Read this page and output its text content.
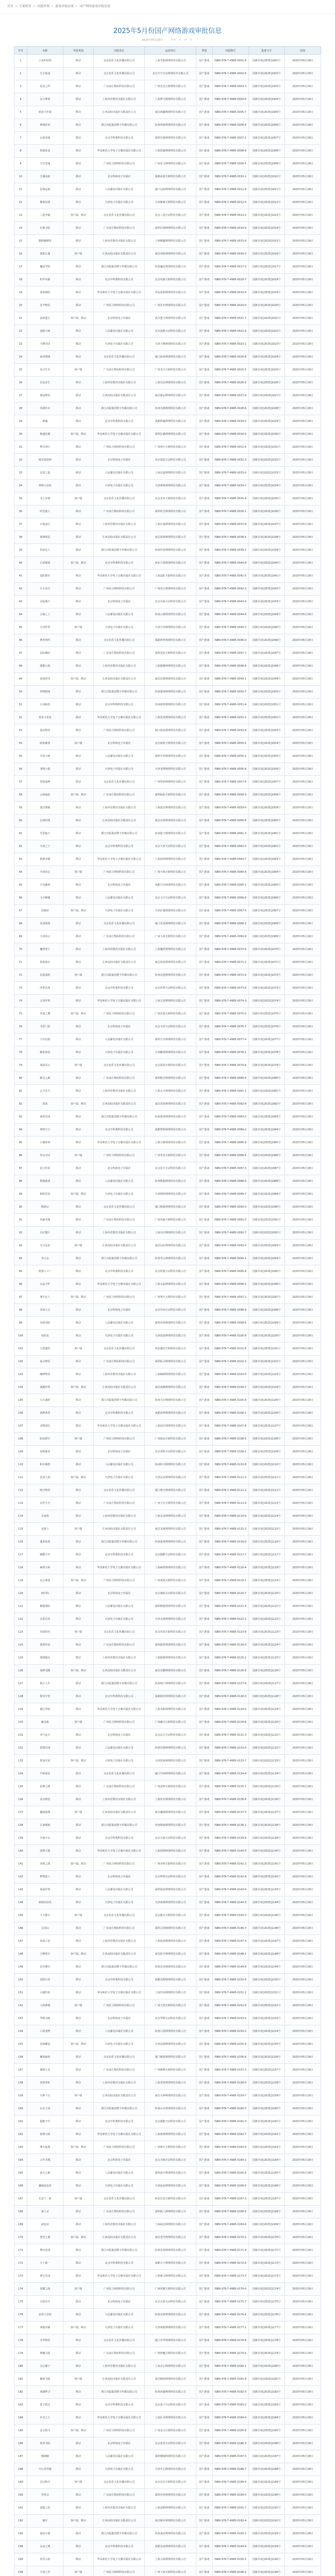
首页 > 主要职责 > 出版管理 > 游戏审批结果 > 国产网络游戏审批信息
2025年5月份国产网络游戏审批信息
2025年05月29日	字号 大 中 小
序号	名称	申报类别	出版单位	运营单位	类别	出版物号	批准文号	时间
1	王者的征程	移动	北京伯乐文化传播有限公司	上海雪狐网络科技有限公司	国产游戏	ISBN 978-7-4985-0001-9	国新出审[2025]1001号	2025年05月29日
2	凡尘仙途	移动	北京伯乐文化传播有限公司	北京天空互动网络技术有限公司	国产游戏	ISBN 978-7-4985-0002-6	国新出审[2025]1002号	2025年05月29日
3	星辰之约	移动	广东南方数码科技有限公司	广州星光互娱网络有限公司	国产游戏	ISBN 978-7-4985-0003-3	国新出审[2025]1003号	2025年05月29日
4	东方梦境	移动	上海外语教育出版社有限公司	上海梦月网络科技有限公司	国产游戏	ISBN 978-7-4985-0004-0	国新出审[2025]1004号	2025年05月29日
5	萌宠大作战	移动	江西高校出版社有限责任公司	南昌萌趣网络科技有限公司	国产游戏	ISBN 978-7-4985-0005-7	国新出审[2025]1005号	2025年05月29日
6	神域传说	移动	浙江出版集团数字传媒有限公司	杭州神游网络科技有限公司	国产游戏	ISBN 978-7-4985-0006-4	国新出审[2025]1006号	2025年05月29日
7	山海奇缘	移动	北京中科奥科技有限公司	深圳奇游网络科技有限公司	国产游戏	ISBN 978-7-4985-0007-1	国新出审[2025]1007号	2025年05月29日
8	铁骑征途	移动	华东师范大学电子音像出版社有限公司	上海铁骑网络科技有限公司	国产游戏	ISBN 978-7-4985-0008-8	国新出审[2025]1008号	2025年05月29日
9	天空竞速	移动	广州原力网络科技有限公司	广州原力网络科技有限公司	国产游戏	ISBN 978-7-4985-0009-5	国新出审[2025]1009号	2025年05月29日
10	江湖夜雨	移动	北京科海电子出版社	成都夜雨互娱科技有限公司	国产游戏	ISBN 978-7-4985-0010-1	国新出审[2025]1010号	2025年05月29日
11	星海远航	移动	人民邮电出版社有限公司	厦门远航网络科技有限公司	国产游戏	ISBN 978-7-4985-0011-8	国新出审[2025]1011号	2025年05月29日
12	像素农场	移动	天津电子出版社有限公司	天津像素互娱科技有限公司	国产游戏	ISBN 978-7-4985-0012-5	国新出审[2025]1012号	2025年05月29日
13	三国争霸	客户端、移动	北京伯乐文化传播有限公司	北京三国互动科技有限公司	国产游戏	ISBN 978-7-4985-0013-2	国新出审[2025]1013号	2025年05月29日
14	幻境寻踪	移动	广东南方数码科技有限公司	深圳幻境网络科技有限公司	国产游戏	ISBN 978-7-4985-0014-9	国新出审[2025]1014号	2025年05月29日
15	猫咪咖啡馆	移动	上海外语教育出版社有限公司	上海喵趣网络科技有限公司	国产游戏	ISBN 978-7-4985-0015-6	国新出审[2025]1015号	2025年05月29日
16	剑影江湖	客户端	江西高校出版社有限责任公司	南昌剑影网络科技有限公司	国产游戏	ISBN 978-7-4985-0016-3	国新出审[2025]1016号	2025年05月29日
17	魔法学院	移动	浙江出版集团数字传媒有限公司	杭州魔法网络科技有限公司	国产游戏	ISBN 978-7-4985-0017-0	国新出审[2025]1017号	2025年05月29日
18	机甲风暴	移动	北京中科奥科技有限公司	北京风暴互娱科技有限公司	国产游戏	ISBN 978-7-4985-0018-7	国新出审[2025]1018号	2025年05月29日
19	深海探险	移动	华东师范大学电子音像出版社有限公司	青岛深海网络科技有限公司	国产游戏	ISBN 978-7-4985-0019-4	国新出审[2025]1019号	2025年05月29日
20	花开物语	移动	广州原力网络科技有限公司	广州花开网络科技有限公司	国产游戏	ISBN 978-7-4985-0020-0	国新出审[2025]1020号	2025年05月29日
21	武林盟主	客户端、移动	北京科海电子出版社	武汉盟主网络科技有限公司	国产游戏	ISBN 978-7-4985-0021-7	国新出审[2025]1021号	2025年05月29日
22	消除大师	移动	人民邮电出版社有限公司	北京消除互动科技有限公司	国产游戏	ISBN 978-7-4985-0022-4	国新出审[2025]1022号	2025年05月29日
23	卡牌对决	移动	天津电子出版社有限公司	天津卡牌网络科技有限公司	国产游戏	ISBN 978-7-4985-0023-1	国新出审[2025]1023号	2025年05月29日
24	仙侠情缘	移动	北京伯乐文化传播有限公司	厦门仙侠网络科技有限公司	国产游戏	ISBN 978-7-4985-0024-8	国新出审[2025]1024号	2025年05月29日
25	末日生存	客户端	广东南方数码科技有限公司	广州末日互娱科技有限公司	国产游戏	ISBN 978-7-4985-0025-5	国新出审[2025]1025号	2025年05月29日
26	荒岛求生	移动	上海外语教育出版社有限公司	上海荒岛网络科技有限公司	国产游戏	ISBN 978-7-4985-0026-2	国新出审[2025]1026号	2025年05月29日
27	甜品物语	移动	江西高校出版社有限责任公司	南昌甜品网络科技有限公司	国产游戏	ISBN 978-7-4985-0027-9	国新出审[2025]1027号	2025年05月29日
28	英雄传奇	移动	浙江出版集团数字传媒有限公司	杭州英雄网络科技有限公司	国产游戏	ISBN 978-7-4985-0028-6	国新出审[2025]1028号	2025年05月29日
29	棋魂	移动	北京中科奥科技有限公司	成都棋魂网络科技有限公司	国产游戏	ISBN 978-7-4985-0029-3	国新出审[2025]1029号	2025年05月29日
30	极速狂飙	客户端、移动	华东师范大学电子音像出版社有限公司	深圳狂飙网络科技有限公司	国产游戏	ISBN 978-7-4985-0030-9	国新出审[2025]1030号	2025年05月29日
31	梦幻西行	移动	广州原力网络科技有限公司	广州西行互娱科技有限公司	国产游戏	ISBN 978-7-4985-0031-6	国新出审[2025]1031号	2025年05月29日
32	城市建造师	移动	北京科海电子出版社	北京建造互动科技有限公司	国产游戏	ISBN 978-7-4985-0032-3	国新出审[2025]1032号	2025年05月29日
33	忍者之道	移动	人民邮电出版社有限公司	上海忍道网络科技有限公司	国产游戏	ISBN 978-7-4985-0033-0	国新出审[2025]1033号	2025年05月29日
34	弹珠大冒险	移动	天津电子出版社有限公司	天津弹珠网络科技有限公司	国产游戏	ISBN 978-7-4985-0034-7	国新出审[2025]1034号	2025年05月29日
35	龙之谷地	客户端	北京伯乐文化传播有限公司	北京龙谷互娱科技有限公司	国产游戏	ISBN 978-7-4985-0035-4	国新出审[2025]1035号	2025年05月29日
36	时光旅人	移动	广东南方数码科技有限公司	深圳时光网络科技有限公司	国产游戏	ISBN 978-7-4985-0036-1	国新出审[2025]1036号	2025年05月29日
37	百鬼夜行	移动	上海外语教育出版社有限公司	上海百鬼网络科技有限公司	国产游戏	ISBN 978-7-4985-0037-8	国新出审[2025]1037号	2025年05月29日
38	篮球明星	移动	江西高校出版社有限责任公司	南昌篮球网络科技有限公司	国产游戏	ISBN 978-7-4985-0038-5	国新出审[2025]1038号	2025年05月29日
39	钓鱼达人	移动	浙江出版集团数字传媒有限公司	杭州钓鱼网络科技有限公司	国产游戏	ISBN 978-7-4985-0039-2	国新出审[2025]1039号	2025年05月29日
40	古墓秘闻	客户端、移动	北京中科奥科技有限公司	西安古墓网络科技有限公司	国产游戏	ISBN 978-7-4985-0040-8	国新出审[2025]1040号	2025年05月29日
41	霓虹都市	移动	华东师范大学电子音像出版社有限公司	上海霓虹互娱科技有限公司	国产游戏	ISBN 978-7-4985-0041-5	国新出审[2025]1041号	2025年05月29日
42	小小农庄	移动	广州原力网络科技有限公司	广州农庄网络科技有限公司	国产游戏	ISBN 978-7-4985-0042-2	国新出审[2025]1042号	2025年05月29日
43	兵临城下	移动	北京科海电子出版社	北京兵临互动科技有限公司	国产游戏	ISBN 978-7-4985-0043-9	国新出审[2025]1043号	2025年05月29日
44	云端之上	移动	人民邮电出版社有限公司	杭州云端网络科技有限公司	国产游戏	ISBN 978-7-4985-0044-6	国新出审[2025]1044号	2025年05月29日
45	方块世界	客户端	天津电子出版社有限公司	天津方块网络科技有限公司	国产游戏	ISBN 978-7-4985-0045-3	国新出审[2025]1045号	2025年05月29日
46	神兽契约	移动	北京伯乐文化传播有限公司	成都神兽网络科技有限公司	国产游戏	ISBN 978-7-4985-0046-0	国新出审[2025]1046号	2025年05月29日
47	星际舰队	移动	广东南方数码科技有限公司	深圳星际互娱科技有限公司	国产游戏	ISBN 978-7-4985-0047-7	国新出审[2025]1047号	2025年05月29日
48	甜蜜公寓	移动	上海外语教育出版社有限公司	上海甜蜜网络科技有限公司	国产游戏	ISBN 978-7-4985-0048-4	国新出审[2025]1048号	2025年05月29日
49	逆战苍穹	客户端、移动	江西高校出版社有限责任公司	南昌逆战网络科技有限公司	国产游戏	ISBN 978-7-4985-0049-1	国新出审[2025]1049号	2025年05月29日
50	怪物猎场	移动	浙江出版集团数字传媒有限公司	杭州猎场网络科技有限公司	国产游戏	ISBN 978-7-4985-0050-7	国新出审[2025]1050号	2025年05月29日
51	古风画卷	移动	北京中科奥科技有限公司	苏州画卷网络科技有限公司	国产游戏	ISBN 978-7-4985-0051-4	国新出审[2025]1051号	2025年05月29日
52	勇者斗恶龙	移动	华东师范大学电子音像出版社有限公司	上海勇者网络科技有限公司	国产游戏	ISBN 978-7-4985-0052-1	国新出审[2025]1052号	2025年05月29日
53	海岛物语	移动	广州原力网络科技有限公司	海口海岛网络科技有限公司	国产游戏	ISBN 978-7-4985-0053-8	国新出审[2025]1053号	2025年05月29日
54	暗影刺客	客户端	北京科海电子出版社	北京暗影互娱科技有限公司	国产游戏	ISBN 978-7-4985-0054-5	国新出审[2025]1054号	2025年05月29日
55	节奏大师	移动	人民邮电出版社有限公司	深圳节奏网络科技有限公司	国产游戏	ISBN 978-7-4985-0055-2	国新出审[2025]1055号	2025年05月29日
56	宠物小镇	移动	天津电子出版社有限公司	天津宠物网络科技有限公司	国产游戏	ISBN 978-7-4985-0056-9	国新出审[2025]1056号	2025年05月29日
57	烈焰战神	移动	北京伯乐文化传播有限公司	广州烈焰网络科技有限公司	国产游戏	ISBN 978-7-4985-0057-6	国新出审[2025]1057号	2025年05月29日
58	云海仙踪	客户端、移动	广东南方数码科技有限公司	深圳仙踪互娱科技有限公司	国产游戏	ISBN 978-7-4985-0058-3	国新出审[2025]1058号	2025年05月29日
59	迷宫探秘	移动	上海外语教育出版社有限公司	上海迷宫网络科技有限公司	国产游戏	ISBN 978-7-4985-0059-0	国新出审[2025]1059号	2025年05月29日
60	足球经理	移动	江西高校出版社有限责任公司	南昌足球网络科技有限公司	国产游戏	ISBN 978-7-4985-0060-6	国新出审[2025]1060号	2025年05月29日
61	雪原狼王	移动	浙江出版集团数字传媒有限公司	杭州狼王网络科技有限公司	国产游戏	ISBN 978-7-4985-0061-3	国新出审[2025]1061号	2025年05月29日
62	天命之子	移动	北京中科奥科技有限公司	北京天命互动科技有限公司	国产游戏	ISBN 978-7-4985-0062-0	国新出审[2025]1062号	2025年05月29日
63	厨神争霸	移动	华东师范大学电子音像出版社有限公司	上海厨神网络科技有限公司	国产游戏	ISBN 978-7-4985-0063-7	国新出审[2025]1063号	2025年05月29日
64	火线突击	客户端	广州原力网络科技有限公司	广州火线互娱科技有限公司	国产游戏	ISBN 978-7-4985-0064-4	国新出审[2025]1064号	2025年05月29日
65	月光森林	移动	北京科海电子出版社	成都月光网络科技有限公司	国产游戏	ISBN 978-7-4985-0065-1	国新出审[2025]1065号	2025年05月29日
66	文字解谜	移动	人民邮电出版社有限公司	北京文字互动科技有限公司	国产游戏	ISBN 978-7-4985-0066-8	国新出审[2025]1066号	2025年05月29日
67	征服者	客户端、移动	天津电子出版社有限公司	天津征服网络科技有限公司	国产游戏	ISBN 978-7-4985-0067-5	国新出审[2025]1067号	2025年05月29日
68	花园侦探	移动	北京伯乐文化传播有限公司	厦门花园网络科技有限公司	国产游戏	ISBN 978-7-4985-0068-2	国新出审[2025]1068号	2025年05月29日
69	九州风云	移动	广东南方数码科技有限公司	广州九州互娱科技有限公司	国产游戏	ISBN 978-7-4985-0069-9	国新出审[2025]1069号	2025年05月29日
70	魔塔勇士	移动	上海外语教育出版社有限公司	上海魔塔网络科技有限公司	国产游戏	ISBN 978-7-4985-0070-5	国新出审[2025]1070号	2025年05月29日
71	海盗船长	移动	江西高校出版社有限责任公司	南昌海盗网络科技有限公司	国产游戏	ISBN 978-7-4985-0071-2	国新出审[2025]1071号	2025年05月29日
72	雷霆战机	客户端	浙江出版集团数字传媒有限公司	杭州雷霆网络科技有限公司	国产游戏	ISBN 978-7-4985-0072-9	国新出审[2025]1072号	2025年05月29日
73	四季农场	移动	北京中科奥科技有限公司	北京四季互动科技有限公司	国产游戏	ISBN 978-7-4985-0073-6	国新出审[2025]1073号	2025年05月29日
74	灵宠世界	移动	华东师范大学电子音像出版社有限公司	上海灵宠网络科技有限公司	国产游戏	ISBN 978-7-4985-0074-3	国新出审[2025]1074号	2025年05月29日
75	沙漠之鹰	客户端、移动	广州原力网络科技有限公司	广州沙漠互娱科技有限公司	国产游戏	ISBN 978-7-4985-0075-0	国新出审[2025]1075号	2025年05月29日
76	书香门第	移动	北京科海电子出版社	北京书香互动科技有限公司	国产游戏	ISBN 978-7-4985-0076-7	国新出审[2025]1076号	2025年05月29日
77	方舟启航	移动	人民邮电出版社有限公司	深圳方舟网络科技有限公司	国产游戏	ISBN 978-7-4985-0077-4	国新出审[2025]1077号	2025年05月29日
78	糖果消消	移动	天津电子出版社有限公司	天津糖果网络科技有限公司	国产游戏	ISBN 978-7-4985-0078-1	国新出审[2025]1078号	2025年05月29日
79	战国风云	客户端	北京伯乐文化传播有限公司	北京战国互娱科技有限公司	国产游戏	ISBN 978-7-4985-0079-8	国新出审[2025]1079号	2025年05月29日
80	精灵之森	移动	广东南方数码科技有限公司	深圳精灵网络科技有限公司	国产游戏	ISBN 978-7-4985-0080-4	国新出审[2025]1080号	2025年05月29日
81	太空农夫	移动	上海外语教育出版社有限公司	上海太空网络科技有限公司	国产游戏	ISBN 978-7-4985-0081-1	国新出审[2025]1081号	2025年05月29日
82	剑来	客户端、移动	江西高校出版社有限责任公司	南昌剑来网络科技有限公司	国产游戏	ISBN 978-7-4985-0082-8	国新出审[2025]1082号	2025年05月29日
83	萌兽乐园	移动	浙江出版集团数字传媒有限公司	杭州萌兽网络科技有限公司	国产游戏	ISBN 978-7-4985-0083-5	国新出审[2025]1083号	2025年05月29日
84	黎明守卫	移动	北京中科奥科技有限公司	成都黎明网络科技有限公司	国产游戏	ISBN 978-7-4985-0084-2	国新出审[2025]1084号	2025年05月29日
85	小镇故事	移动	华东师范大学电子音像出版社有限公司	上海小镇网络科技有限公司	国产游戏	ISBN 978-7-4985-0085-9	国新出审[2025]1085号	2025年05月29日
86	拳皇对决	客户端	广州原力网络科技有限公司	广州拳皇互娱科技有限公司	国产游戏	ISBN 978-7-4985-0086-6	国新出审[2025]1086号	2025年05月29日
87	星月传说	移动	北京科海电子出版社	北京星月互动科技有限公司	国产游戏	ISBN 978-7-4985-0087-3	国新出审[2025]1087号	2025年05月29日
88	数独挑战	移动	人民邮电出版社有限公司	杭州数独网络科技有限公司	国产游戏	ISBN 978-7-4985-0088-0	国新出审[2025]1088号	2025年05月29日
89	钢铁洪流	客户端、移动	天津电子出版社有限公司	天津钢铁网络科技有限公司	国产游戏	ISBN 978-7-4985-0089-7	国新出审[2025]1089号	2025年05月29日
90	桃源记	移动	北京伯乐文化传播有限公司	厦门桃源网络科技有限公司	国产游戏	ISBN 978-7-4985-0090-3	国新出审[2025]1090号	2025年05月29日
91	风暴英雄	移动	广东南方数码科技有限公司	广州风暴互娱科技有限公司	国产游戏	ISBN 978-7-4985-0091-0	国新出审[2025]1091号	2025年05月29日
92	奇幻餐厅	移动	上海外语教育出版社有限公司	上海奇幻网络科技有限公司	国产游戏	ISBN 978-7-4985-0092-7	国新出审[2025]1092号	2025年05月29日
93	无尽远征	客户端	江西高校出版社有限责任公司	南昌远征网络科技有限公司	国产游戏	ISBN 978-7-4985-0093-4	国新出审[2025]1093号	2025年05月29日
94	青云志	移动	浙江出版集团数字传媒有限公司	杭州青云网络科技有限公司	国产游戏	ISBN 978-7-4985-0094-1	国新出审[2025]1094号	2025年05月29日
95	机器人工厂	移动	北京中科奥科技有限公司	北京机器互动科技有限公司	国产游戏	ISBN 978-7-4985-0095-8	国新出审[2025]1095号	2025年05月29日
96	水晶守护	移动	华东师范大学电子音像出版社有限公司	上海水晶网络科技有限公司	国产游戏	ISBN 978-7-4985-0096-5	国新出审[2025]1096号	2025年05月29日
97	赛车狂人	客户端、移动	广州原力网络科技有限公司	广州赛车互娱科技有限公司	国产游戏	ISBN 978-7-4985-0097-2	国新出审[2025]1097号	2025年05月29日
98	诗词大会	移动	北京科海电子出版社	北京诗词互动科技有限公司	国产游戏	ISBN 978-7-4985-0098-9	国新出审[2025]1098号	2025年05月29日
99	丛林冒险	移动	人民邮电出版社有限公司	深圳丛林网络科技有限公司	国产游戏	ISBN 978-7-4985-0099-6	国新出审[2025]1099号	2025年05月29日
100	泡泡龙	移动	天津电子出版社有限公司	天津泡泡网络科技有限公司	国产游戏	ISBN 978-7-4985-0100-9	国新出审[2025]1100号	2025年05月29日
101	大唐盛世	客户端	北京伯乐文化传播有限公司	西安盛世互娱科技有限公司	国产游戏	ISBN 978-7-4985-0101-6	国新出审[2025]1101号	2025年05月29日
102	仙灵物语	移动	广东南方数码科技有限公司	深圳仙灵网络科技有限公司	国产游戏	ISBN 978-7-4985-0102-3	国新出审[2025]1102号	2025年05月29日
103	咖啡物语	移动	上海外语教育出版社有限公司	上海咖啡网络科技有限公司	国产游戏	ISBN 978-7-4985-0103-0	国新出审[2025]1103号	2025年05月29日
104	战舰世界	客户端、移动	江西高校出版社有限责任公司	南昌战舰网络科技有限公司	国产游戏	ISBN 978-7-4985-0104-7	国新出审[2025]1104号	2025年05月29日
105	宝石迷阵	移动	浙江出版集团数字传媒有限公司	杭州宝石网络科技有限公司	国产游戏	ISBN 978-7-4985-0105-4	国新出审[2025]1105号	2025年05月29日
106	诸神黄昏	移动	北京中科奥科技有限公司	成都诸神网络科技有限公司	国产游戏	ISBN 978-7-4985-0106-1	国新出审[2025]1106号	2025年05月29日
107	动物园长	移动	华东师范大学电子音像出版社有限公司	上海园长网络科技有限公司	国产游戏	ISBN 978-7-4985-0107-8	国新出审[2025]1107号	2025年05月29日
108	暗夜猎手	客户端	广州原力网络科技有限公司	广州暗夜互娱科技有限公司	国产游戏	ISBN 978-7-4985-0108-5	国新出审[2025]1108号	2025年05月29日
109	春秋霸业	移动	北京科海电子出版社	北京春秋互动科技有限公司	国产游戏	ISBN 978-7-4985-0109-2	国新出审[2025]1109号	2025年05月29日
110	积木城堡	移动	人民邮电出版社有限公司	杭州积木网络科技有限公司	国产游戏	ISBN 978-7-4985-0110-8	国新出审[2025]1110号	2025年05月29日
111	星辰大海	客户端、移动	天津电子出版社有限公司	天津星辰网络科技有限公司	国产游戏	ISBN 978-7-4985-0111-5	国新出审[2025]1111号	2025年05月29日
112	晴空物语	移动	北京伯乐文化传播有限公司	厦门晴空网络科技有限公司	国产游戏	ISBN 978-7-4985-0112-2	国新出审[2025]1112号	2025年05月29日
113	末世方舟	移动	广东南方数码科技有限公司	广州方舟互娱科技有限公司	国产游戏	ISBN 978-7-4985-0113-9	国新出审[2025]1113号	2025年05月29日
114	美食街	移动	上海外语教育出版社有限公司	上海美食网络科技有限公司	国产游戏	ISBN 978-7-4985-0114-6	国新出审[2025]1114号	2025年05月29日
115	龙骑士	客户端	江西高校出版社有限责任公司	南昌龙骑网络科技有限公司	国产游戏	ISBN 978-7-4985-0115-3	国新出审[2025]1115号	2025年05月29日
116	蓬莱仙境	移动	浙江出版集团数字传媒有限公司	杭州蓬莱网络科技有限公司	国产游戏	ISBN 978-7-4985-0116-0	国新出审[2025]1116号	2025年05月29日
117	跑酷少年	移动	北京中科奥科技有限公司	北京跑酷互动科技有限公司	国产游戏	ISBN 978-7-4985-0117-7	国新出审[2025]1117号	2025年05月29日
118	麻将大师	移动	华东师范大学电子音像出版社有限公司	上海麻将网络科技有限公司	国产游戏	ISBN 978-7-4985-0118-4	国新出审[2025]1118号	2025年05月29日
119	远古部落	客户端、移动	广州原力网络科技有限公司	广州部落互娱科技有限公司	国产游戏	ISBN 978-7-4985-0119-1	国新出审[2025]1119号	2025年05月29日
120	画中仙	移动	北京科海电子出版社	北京画仙互动科技有限公司	国产游戏	ISBN 978-7-4985-0120-7	国新出审[2025]1120号	2025年05月29日
121	极地探险	移动	人民邮电出版社有限公司	深圳极地网络科技有限公司	国产游戏	ISBN 978-7-4985-0121-4	国新出审[2025]1121号	2025年05月29日
122	水果忍者	移动	天津电子出版社有限公司	天津水果网络科技有限公司	国产游戏	ISBN 978-7-4985-0122-1	国新出审[2025]1122号	2025年05月29日
123	帝国时代	客户端	北京伯乐文化传播有限公司	北京帝国互娱科技有限公司	国产游戏	ISBN 978-7-4985-0123-8	国新出审[2025]1123号	2025年05月29日
124	狐妖传说	移动	广东南方数码科技有限公司	深圳狐妖网络科技有限公司	国产游戏	ISBN 978-7-4985-0124-5	国新出审[2025]1124号	2025年05月29日
125	甜甜圈店	移动	上海外语教育出版社有限公司	上海甜甜网络科技有限公司	国产游戏	ISBN 978-7-4985-0125-2	国新出审[2025]1125号	2025年05月29日
126	战神觉醒	客户端、移动	江西高校出版社有限责任公司	南昌觉醒网络科技有限公司	国产游戏	ISBN 978-7-4985-0126-9	国新出审[2025]1126号	2025年05月29日
127	纸片人生	移动	浙江出版集团数字传媒有限公司	杭州纸片网络科技有限公司	国产游戏	ISBN 978-7-4985-0127-6	国新出审[2025]1127号	2025年05月29日
128	银河守望	移动	北京中科奥科技有限公司	成都银河网络科技有限公司	国产游戏	ISBN 978-7-4985-0128-3	国新出审[2025]1128号	2025年05月29日
129	旅行青蛙	移动	华东师范大学电子音像出版社有限公司	上海青蛙网络科技有限公司	国产游戏	ISBN 978-7-4985-0129-0	国新出审[2025]1129号	2025年05月29日
130	幽灵船	客户端	广州原力网络科技有限公司	广州幽灵互娱科技有限公司	国产游戏	ISBN 978-7-4985-0130-6	国新出审[2025]1130号	2025年05月29日
131	诗与远方	移动	北京科海电子出版社	北京远方互动科技有限公司	国产游戏	ISBN 978-7-4985-0131-3	国新出审[2025]1131号	2025年05月29日
132	拼图乐园	移动	人民邮电出版社有限公司	杭州拼图网络科技有限公司	国产游戏	ISBN 978-7-4985-0132-0	国新出审[2025]1132号	2025年05月29日
133	铁血军团	客户端、移动	天津电子出版社有限公司	天津铁血网络科技有限公司	国产游戏	ISBN 978-7-4985-0133-7	国新出审[2025]1133号	2025年05月29日
134	竹林深处	移动	北京伯乐文化传播有限公司	厦门竹林网络科技有限公司	国产游戏	ISBN 978-7-4985-0134-4	国新出审[2025]1134号	2025年05月29日
135	雷神之锤	移动	广东南方数码科技有限公司	广州雷神互娱科技有限公司	国产游戏	ISBN 978-7-4985-0135-1	国新出审[2025]1135号	2025年05月29日
136	花店物语	移动	上海外语教育出版社有限公司	上海花店网络科技有限公司	国产游戏	ISBN 978-7-4985-0136-8	国新出审[2025]1136号	2025年05月29日
137	魔域迷城	客户端	江西高校出版社有限责任公司	南昌魔域网络科技有限公司	国产游戏	ISBN 978-7-4985-0137-5	国新出审[2025]1137号	2025年05月29日
138	江南烟雨	移动	浙江出版集团数字传媒有限公司	杭州烟雨网络科技有限公司	国产游戏	ISBN 978-7-4985-0138-2	国新出审[2025]1138号	2025年05月29日
139	火箭少女	移动	北京中科奥科技有限公司	北京火箭互动科技有限公司	国产游戏	ISBN 978-7-4985-0139-9	国新出审[2025]1139号	2025年05月29日
140	围棋天地	移动	华东师范大学电子音像出版社有限公司	上海围棋网络科技有限公司	国产游戏	ISBN 978-7-4985-0140-5	国新出审[2025]1140号	2025年05月29日
141	赤壁之战	客户端、移动	广州原力网络科技有限公司	广州赤壁互娱科技有限公司	国产游戏	ISBN 978-7-4985-0141-2	国新出审[2025]1141号	2025年05月29日
142	梦境旅人	移动	北京科海电子出版社	北京梦境互动科技有限公司	国产游戏	ISBN 978-7-4985-0142-9	国新出审[2025]1142号	2025年05月29日
143	海底世界	移动	人民邮电出版社有限公司	深圳海底网络科技有限公司	国产游戏	ISBN 978-7-4985-0143-6	国新出审[2025]1143号	2025年05月29日
144	萌萌消消乐	移动	天津电子出版社有限公司	天津萌萌网络科技有限公司	国产游戏	ISBN 978-7-4985-0144-3	国新出审[2025]1144号	2025年05月29日
145	九天揽月	客户端	北京伯乐文化传播有限公司	北京揽月互娱科技有限公司	国产游戏	ISBN 978-7-4985-0145-0	国新出审[2025]1145号	2025年05月29日
146	灵剑山	移动	广东南方数码科技有限公司	深圳灵剑网络科技有限公司	国产游戏	ISBN 978-7-4985-0146-7	国新出审[2025]1146号	2025年05月29日
147	饭团工坊	移动	上海外语教育出版社有限公司	上海饭团网络科技有限公司	国产游戏	ISBN 978-7-4985-0147-4	国新出审[2025]1147号	2025年05月29日
148	王牌射手	客户端、移动	江西高校出版社有限责任公司	南昌射手网络科技有限公司	国产游戏	ISBN 978-7-4985-0148-1	国新出审[2025]1148号	2025年05月29日
149	星光舞台	移动	浙江出版集团数字传媒有限公司	杭州星光网络科技有限公司	国产游戏	ISBN 978-7-4985-0149-8	国新出审[2025]1149号	2025年05月29日
150	荒野行者	移动	北京中科奥科技有限公司	成都荒野网络科技有限公司	国产游戏	ISBN 978-7-4985-0150-4	国新出审[2025]1150号	2025年05月29日
151	小猫钓鱼	移动	华东师范大学电子音像出版社有限公司	上海钓鱼网络科技有限公司	国产游戏	ISBN 978-7-4985-0151-1	国新出审[2025]1151号	2025年05月29日
152	刀剑神域	客户端	广州原力网络科技有限公司	广州刀剑互娱科技有限公司	国产游戏	ISBN 978-7-4985-0152-8	国新出审[2025]1152号	2025年05月29日
153	琴棋书画	移动	北京科海电子出版社	北京琴棋互动科技有限公司	国产游戏	ISBN 978-7-4985-0153-5	国新出审[2025]1153号	2025年05月29日
154	口袋宠物	移动	人民邮电出版社有限公司	杭州口袋网络科技有限公司	国产游戏	ISBN 978-7-4985-0154-2	国新出审[2025]1154号	2025年05月29日
155	沧海横流	客户端、移动	天津电子出版社有限公司	天津沧海网络科技有限公司	国产游戏	ISBN 978-7-4985-0155-9	国新出审[2025]1155号	2025年05月29日
156	蘑菇森林	移动	北京伯乐文化传播有限公司	厦门蘑菇网络科技有限公司	国产游戏	ISBN 978-7-4985-0156-6	国新出审[2025]1156号	2025年05月29日
157	破晓之光	移动	广东南方数码科技有限公司	广州破晓互娱科技有限公司	国产游戏	ISBN 978-7-4985-0157-3	国新出审[2025]1157号	2025年05月29日
158	茶馆掌柜	移动	上海外语教育出版社有限公司	上海茶馆网络科技有限公司	国产游戏	ISBN 978-7-4985-0158-0	国新出审[2025]1158号	2025年05月29日
159	天神下凡	客户端	江西高校出版社有限责任公司	南昌天神网络科技有限公司	国产游戏	ISBN 978-7-4985-0159-7	国新出审[2025]1159号	2025年05月29日
160	山水之间	移动	浙江出版集团数字传媒有限公司	杭州山水网络科技有限公司	国产游戏	ISBN 978-7-4985-0160-3	国新出审[2025]1160号	2025年05月29日
161	超能少年	移动	北京中科奥科技有限公司	北京超能互动科技有限公司	国产游戏	ISBN 978-7-4985-0161-0	国新出审[2025]1161号	2025年05月29日
162	象棋大师	移动	华东师范大学电子音像出版社有限公司	上海象棋网络科技有限公司	国产游戏	ISBN 978-7-4985-0162-7	国新出审[2025]1162号	2025年05月29日
163	烽火连城	客户端、移动	广州原力网络科技有限公司	广州烽火互娱科技有限公司	国产游戏	ISBN 978-7-4985-0163-4	国新出审[2025]1163号	2025年05月29日
164	云中书城	移动	北京科海电子出版社	北京书城互动科技有限公司	国产游戏	ISBN 978-7-4985-0164-1	国新出审[2025]1164号	2025年05月29日
165	萤火之森	移动	人民邮电出版社有限公司	深圳萤火网络科技有限公司	国产游戏	ISBN 978-7-4985-0165-8	国新出审[2025]1165号	2025年05月29日
166	趣味连连看	移动	天津电子出版社有限公司	天津连连网络科技有限公司	国产游戏	ISBN 978-7-4985-0166-5	国新出审[2025]1166号	2025年05月29日
167	长安十二时	客户端	北京伯乐文化传播有限公司	西安长安互娱科技有限公司	国产游戏	ISBN 978-7-4985-0167-2	国新出审[2025]1167号	2025年05月29日
168	狼人杀	移动	广东南方数码科技有限公司	深圳狼人网络科技有限公司	国产游戏	ISBN 978-7-4985-0168-9	国新出审[2025]1168号	2025年05月29日
169	面包房	移动	上海外语教育出版社有限公司	上海面包网络科技有限公司	国产游戏	ISBN 978-7-4985-0169-6	国新出审[2025]1169号	2025年05月29日
170	苍穹之翼	客户端、移动	江西高校出版社有限责任公司	南昌苍穹网络科技有限公司	国产游戏	ISBN 978-7-4985-0170-2	国新出审[2025]1170号	2025年05月29日
171	梦幻花园	移动	浙江出版集团数字传媒有限公司	杭州花园网络科技有限公司	国产游戏	ISBN 978-7-4985-0171-9	国新出审[2025]1171号	2025年05月29日
172	天下第一	移动	北京中科奥科技有限公司	成都天下网络科技有限公司	国产游戏	ISBN 978-7-4985-0172-6	国新出审[2025]1172号	2025年05月29日
173	萌宝乐园	移动	华东师范大学电子音像出版社有限公司	上海萌宝网络科技有限公司	国产游戏	ISBN 978-7-4985-0173-3	国新出审[2025]1173号	2025年05月29日
174	荣耀之战	客户端	广州原力网络科技有限公司	广州荣耀互娱科技有限公司	国产游戏	ISBN 978-7-4985-0174-0	国新出审[2025]1174号	2025年05月29日
175	古韵诗书	移动	北京科海电子出版社	北京古韵互动科技有限公司	国产游戏	ISBN 978-7-4985-0175-7	国新出审[2025]1175号	2025年05月29日
176	星球大冒险	移动	人民邮电出版社有限公司	杭州星球网络科技有限公司	国产游戏	ISBN 978-7-4985-0176-4	国新出审[2025]1176号	2025年05月29日
177	战地风暴	客户端、移动	天津电子出版社有限公司	天津战地网络科技有限公司	国产游戏	ISBN 978-7-4985-0177-1	国新出审[2025]1177号	2025年05月29日
178	芳华物语	移动	北京伯乐文化传播有限公司	厦门芳华网络科技有限公司	国产游戏	ISBN 978-7-4985-0178-8	国新出审[2025]1178号	2025年05月29日
179	神魔大陆	移动	广东南方数码科技有限公司	广州神魔互娱科技有限公司	国产游戏	ISBN 978-7-4985-0179-5	国新出审[2025]1179号	2025年05月29日
180	点心铺子	移动	上海外语教育出版社有限公司	上海点心网络科技有限公司	国产游戏	ISBN 978-7-4985-0180-1	国新出审[2025]1180号	2025年05月29日
181	御剑飞仙	客户端	江西高校出版社有限责任公司	南昌御剑网络科技有限公司	国产游戏	ISBN 978-7-4985-0181-8	国新出审[2025]1181号	2025年05月29日
182	西湖梦寻	移动	浙江出版集团数字传媒有限公司	杭州西湖网络科技有限公司	国产游戏	ISBN 978-7-4985-0182-5	国新出审[2025]1182号	2025年05月29日
183	量子跃迁	移动	北京中科奥科技有限公司	北京量子互动科技有限公司	国产游戏	ISBN 978-7-4985-0183-2	国新出审[2025]1183号	2025年05月29日
184	扑克之王	移动	华东师范大学电子音像出版社有限公司	上海扑克网络科技有限公司	国产游戏	ISBN 978-7-4985-0184-9	国新出审[2025]1184号	2025年05月29日
185	金戈铁马	客户端、移动	广州原力网络科技有限公司	广州金戈互娱科技有限公司	国产游戏	ISBN 978-7-4985-0185-6	国新出审[2025]1185号	2025年05月29日
186	墨香书院	移动	北京科海电子出版社	北京墨香互动科技有限公司	国产游戏	ISBN 978-7-4985-0186-3	国新出审[2025]1186号	2025年05月29日
187	珊瑚礁	移动	人民邮电出版社有限公司	深圳珊瑚网络科技有限公司	国产游戏	ISBN 978-7-4985-0187-0	国新出审[2025]1187号	2025年05月29日
188	开心对对碰	移动	天津电子出版社有限公司	天津开心网络科技有限公司	国产游戏	ISBN 978-7-4985-0188-7	国新出审[2025]1188号	2025年05月29日
189	汉宫秋月	客户端	北京伯乐文化传播有限公司	北京汉宫互娱科技有限公司	国产游戏	ISBN 978-7-4985-0189-4	国新出审[2025]1189号	2025年05月29日
190	异兽录	移动	广东南方数码科技有限公司	深圳异兽网络科技有限公司	国产游戏	ISBN 978-7-4985-0190-0	国新出审[2025]1190号	2025年05月29日
191	蛋糕工坊	移动	上海外语教育出版社有限公司	上海蛋糕网络科技有限公司	国产游戏	ISBN 978-7-4985-0191-7	国新出审[2025]1191号	2025年05月29日
192	破军	客户端、移动	江西高校出版社有限责任公司	南昌破军网络科技有限公司	国产游戏	ISBN 978-7-4985-0192-4	国新出审[2025]1192号	2025年05月29日
193	童话小镇	移动	浙江出版集团数字传媒有限公司	杭州童话网络科技有限公司	国产游戏	ISBN 978-7-4985-0193-1	国新出审[2025]1193号	2025年05月29日
194	永夜之城	移动	北京中科奥科技有限公司	成都永夜网络科技有限公司	国产游戏	ISBN 978-7-4985-0194-8	国新出审[2025]1194号	2025年05月29日
195	快乐小厨	移动	华东师范大学电子音像出版社有限公司	上海小厨网络科技有限公司	国产游戏	ISBN 978-7-4985-0195-5	国新出审[2025]1195号	2025年05月29日
196	王座之争	客户端	广州原力网络科技有限公司	广州王座互娱科技有限公司	国产游戏	ISBN 978-7-4985-0196-2	国新出审[2025]1196号	2025年05月29日
